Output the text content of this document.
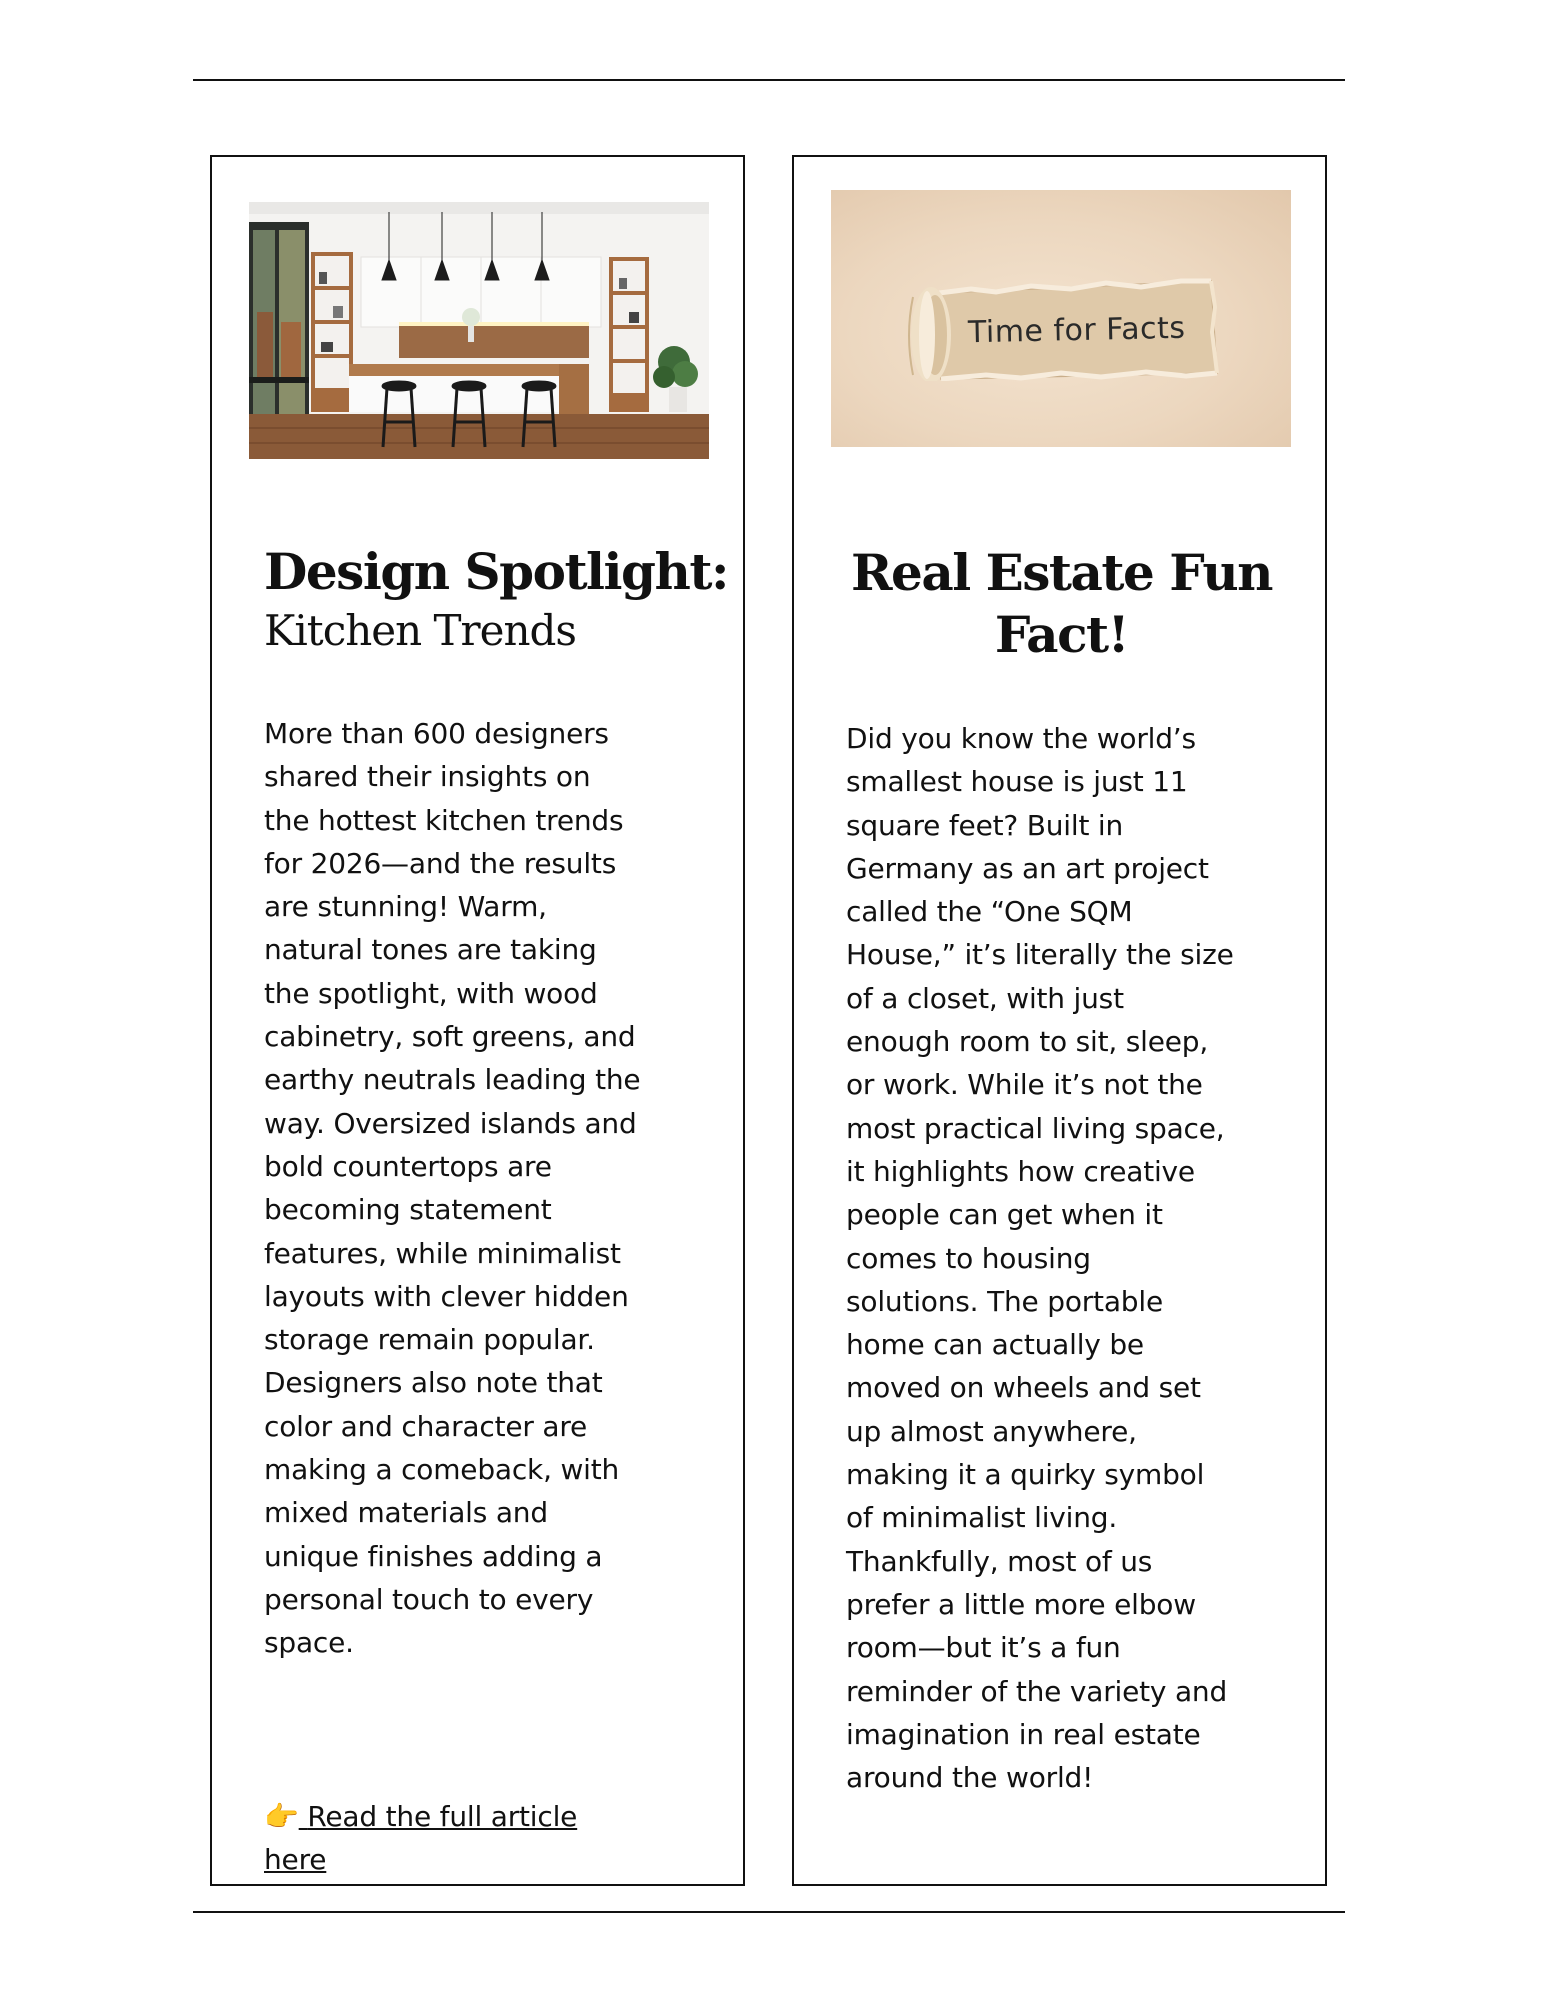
Design Spotlight:
Kitchen Trends
More than 600 designers
shared their insights on
the hottest kitchen trends
for 2026—and the results
are stunning! Warm,
natural tones are taking
the spotlight, with wood
cabinetry, soft greens, and
earthy neutrals leading the
way. Oversized islands and
bold countertops are
becoming statement
features, while minimalist
layouts with clever hidden
storage remain popular.
Designers also note that
color and character are
making a comeback, with
mixed materials and
unique finishes adding a
personal touch to every
space.
👉 Read the full article
here
Time for Facts
Real Estate Fun
Fact!
Did you know the world’s
smallest house is just 11
square feet? Built in
Germany as an art project
called the “One SQM
House,” it’s literally the size
of a closet, with just
enough room to sit, sleep,
or work. While it’s not the
most practical living space,
it highlights how creative
people can get when it
comes to housing
solutions. The portable
home can actually be
moved on wheels and set
up almost anywhere,
making it a quirky symbol
of minimalist living.
Thankfully, most of us
prefer a little more elbow
room—but it’s a fun
reminder of the variety and
imagination in real estate
around the world!
